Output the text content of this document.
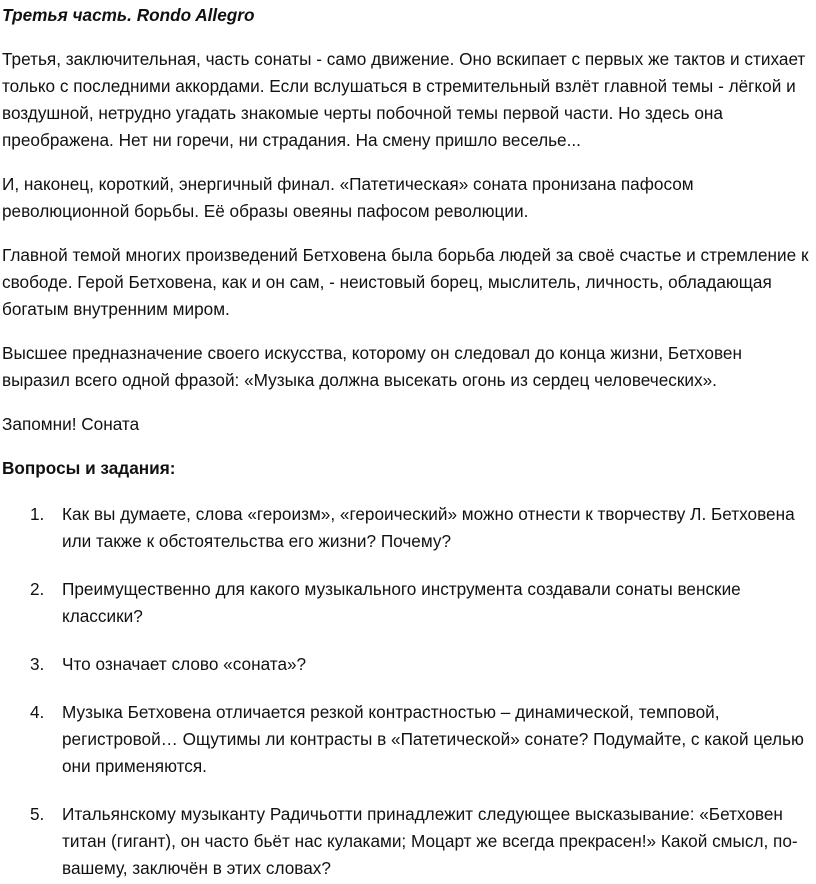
Третья часть. Rondo Allegro
Третья, заключительная, часть сонаты - само движение. Оно вскипает с первых же тактов и стихает только с последними аккордами. Если вслушаться в стремительный взлёт главной темы - лёгкой и воздушной, нетрудно угадать знакомые черты побочной темы первой части. Но здесь она преображена. Нет ни горечи, ни страдания. На смену пришло веселье...
И, наконец, короткий, энергичный финал. «Патетическая» соната пронизана пафосом революционной борьбы. Её образы овеяны пафосом революции.
Главной темой многих произведений Бетховена была борьба людей за своё счастье и стремление к свободе. Герой Бетховена, как и он сам, - неистовый борец, мыслитель, личность, обладающая богатым внутренним миром.
Высшее предназначение своего искусства, которому он следовал до конца жизни, Бетховен выразил всего одной фразой: «Музыка должна высекать огонь из сердец человеческих».
Запомни! Соната
Вопросы и задания:
1.	Как вы думаете, слова «героизм», «героический» можно отнести к творчеству Л. Бетховена или также к обстоятельства его жизни? Почему?
2.	Преимущественно для какого музыкального инструмента создавали сонаты венские классики?
3.	Что означает слово «соната»?
4.	Музыка Бетховена отличается резкой контрастностью – динамической, темповой, регистровой… Ощутимы ли контрасты в «Патетической» сонате? Подумайте, с какой целью они применяются.
5.	Итальянскому музыканту Радичьотти принадлежит следующее высказывание: «Бетховен титан (гигант), он часто бьёт нас кулаками; Моцарт же всегда прекрасен!» Какой смысл, по-вашему, заключён в этих словах?
